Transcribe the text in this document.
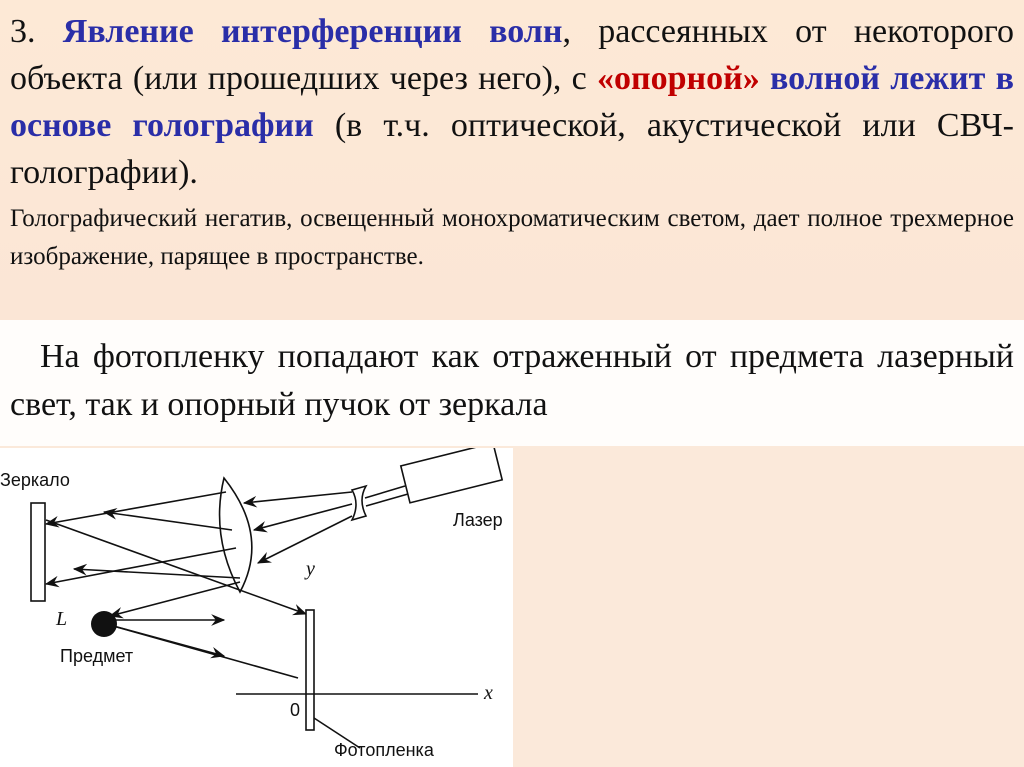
3. Явление интерференции волн, рассеянных от некоторого объекта (или прошедших через него), с «опорной» волной лежит в основе голографии (в т.ч. оптической, акустической или СВЧ-голографии).
Голографический негатив, освещенный монохроматическим светом, дает полное трехмерное изображение, парящее в пространстве.
На фотопленку попадают как отраженный от предмета лазерный свет, так и опорный пучок от зеркала
Зеркало
Лазер
y
L
Предмет
x
0
Фотопленка
